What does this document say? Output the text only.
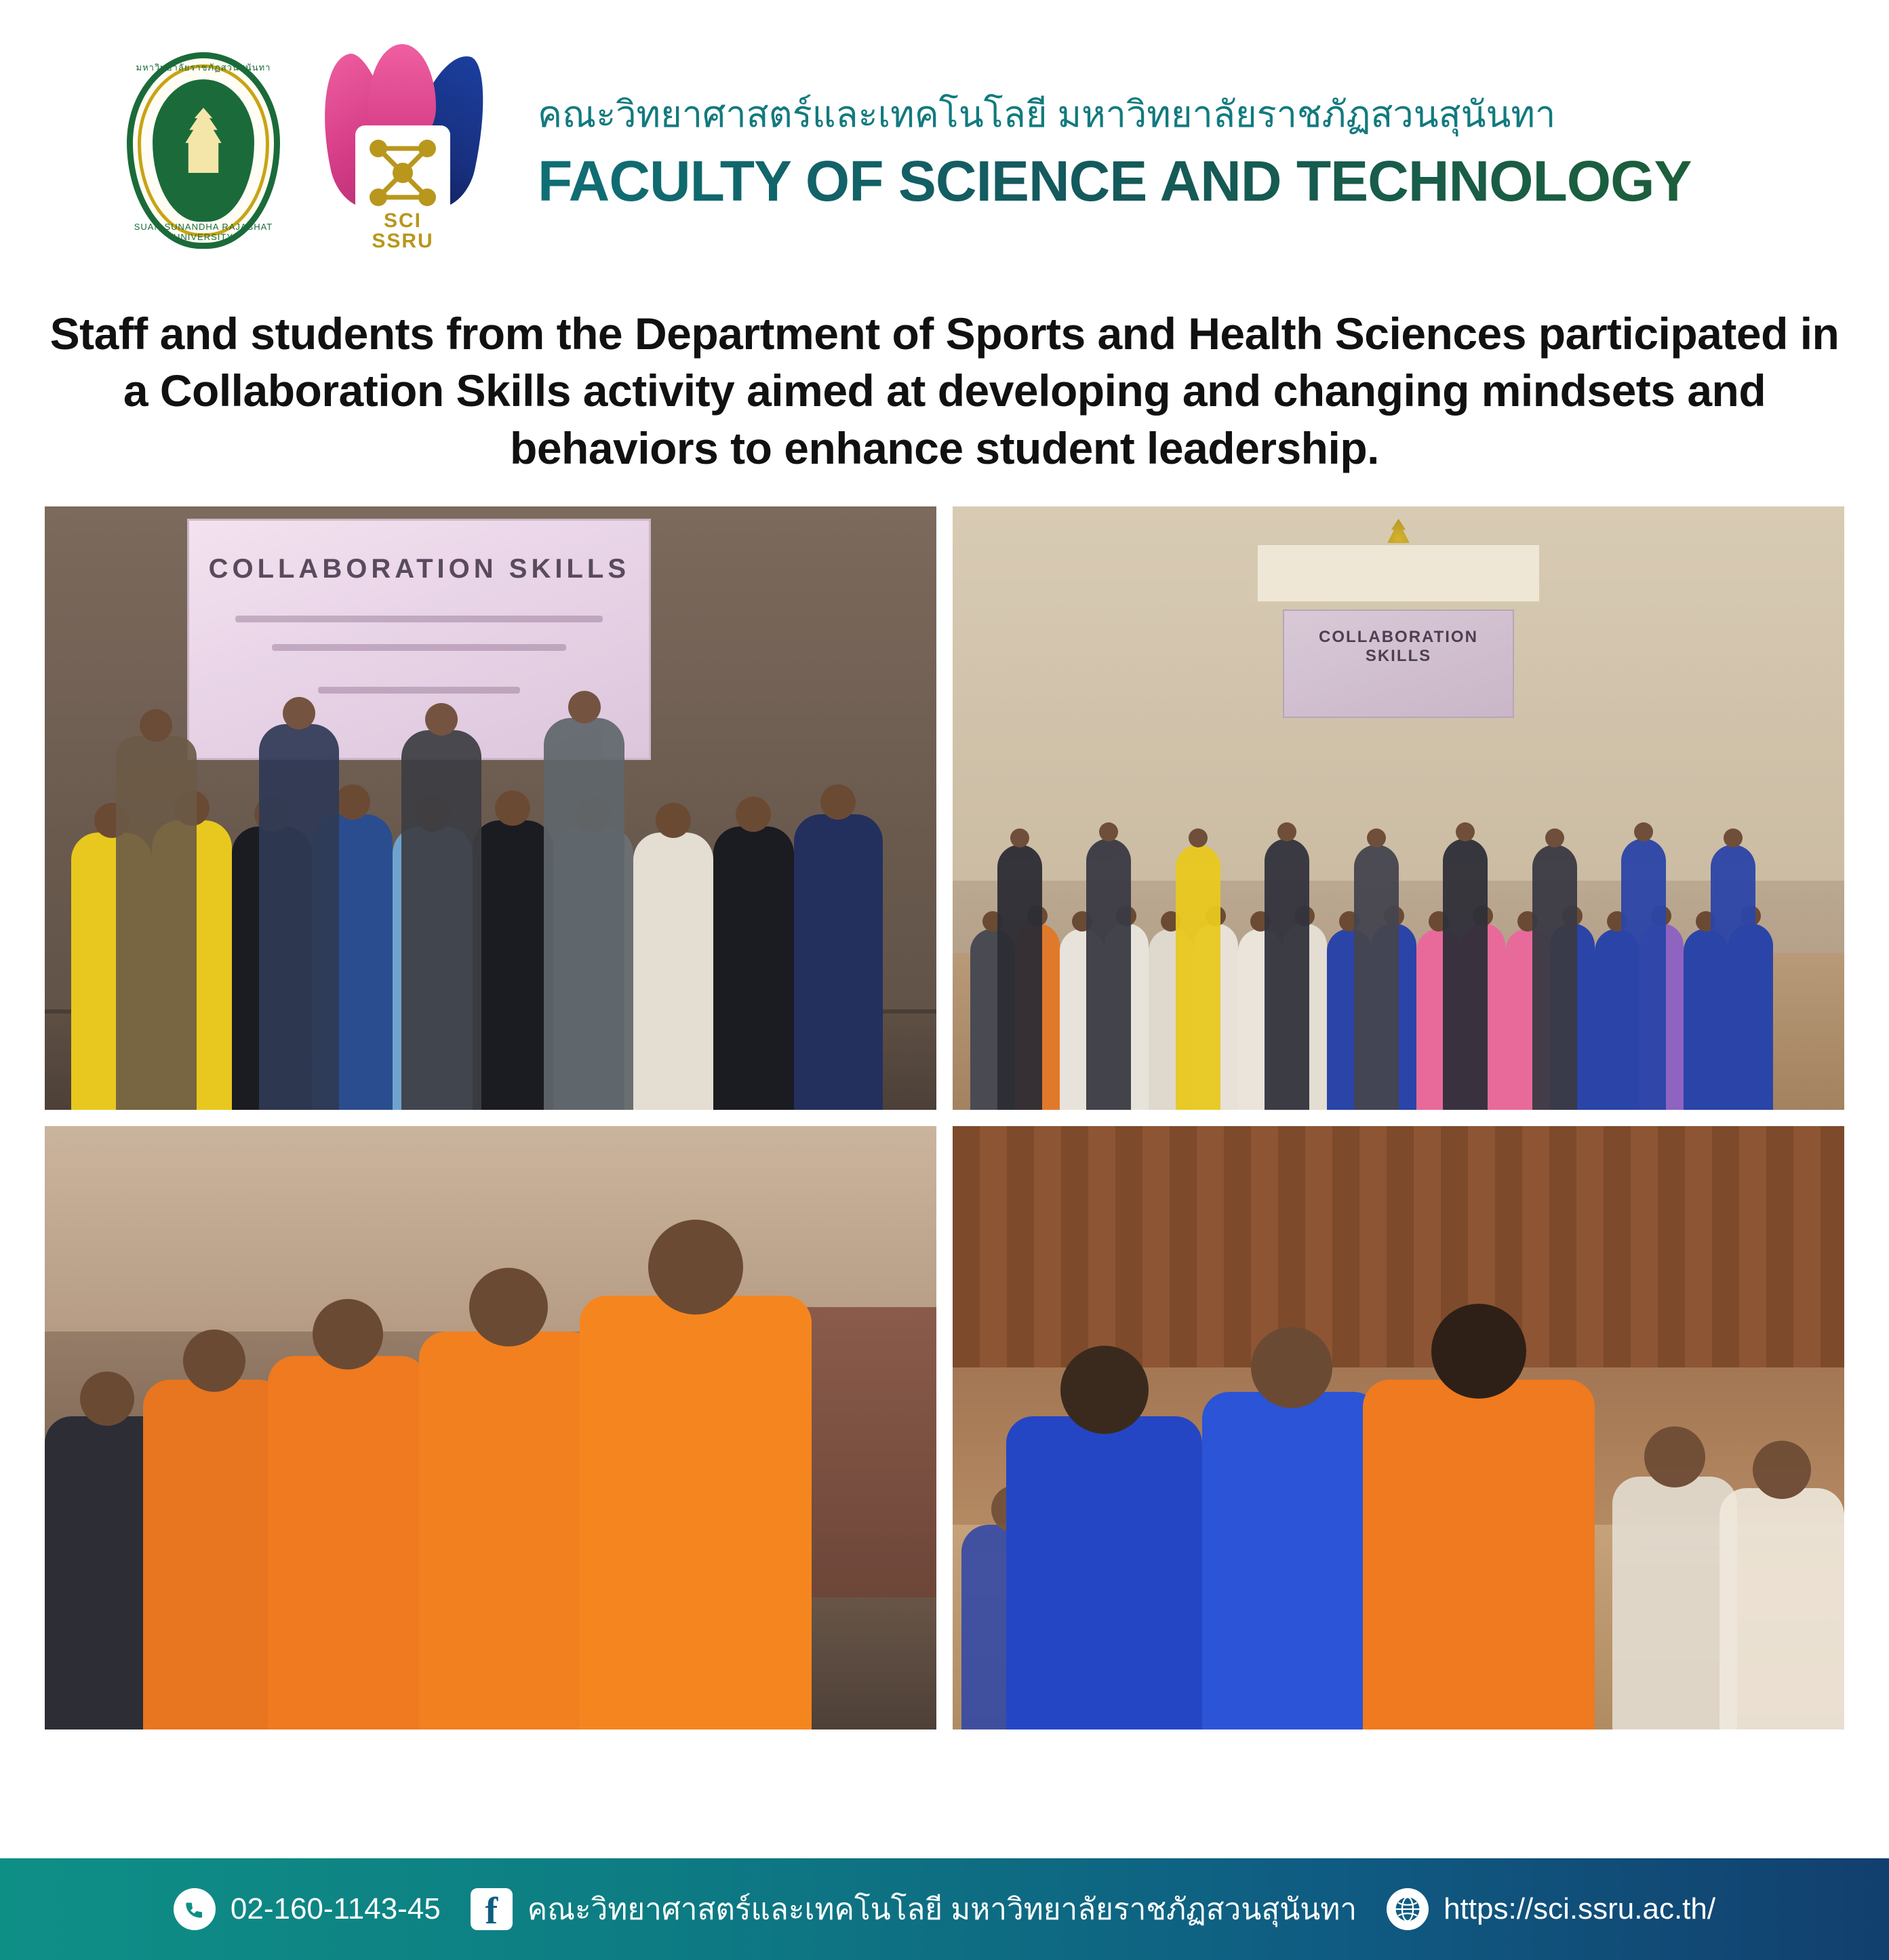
มหาวิทยาลัยราชภัฏสวนสุนันทา
SUAN SUNANDHA RAJABHAT UNIVERSITY
SCI
SSRU
คณะวิทยาศาสตร์และเทคโนโลยี มหาวิทยาลัยราชภัฏสวนสุนันทา
FACULTY OF SCIENCE AND TECHNOLOGY
Staff and students from the Department of Sports and Health Sciences participated in a Collaboration Skills activity aimed at developing and changing mindsets and behaviors to enhance student leadership.
COLLABORATION SKILLS
COLLABORATION SKILLS
02-160-1143-45 f คณะวิทยาศาสตร์และเทคโนโลยี มหาวิทยาลัยราชภัฏสวนสุนันทา	https://sci.ssru.ac.th/
